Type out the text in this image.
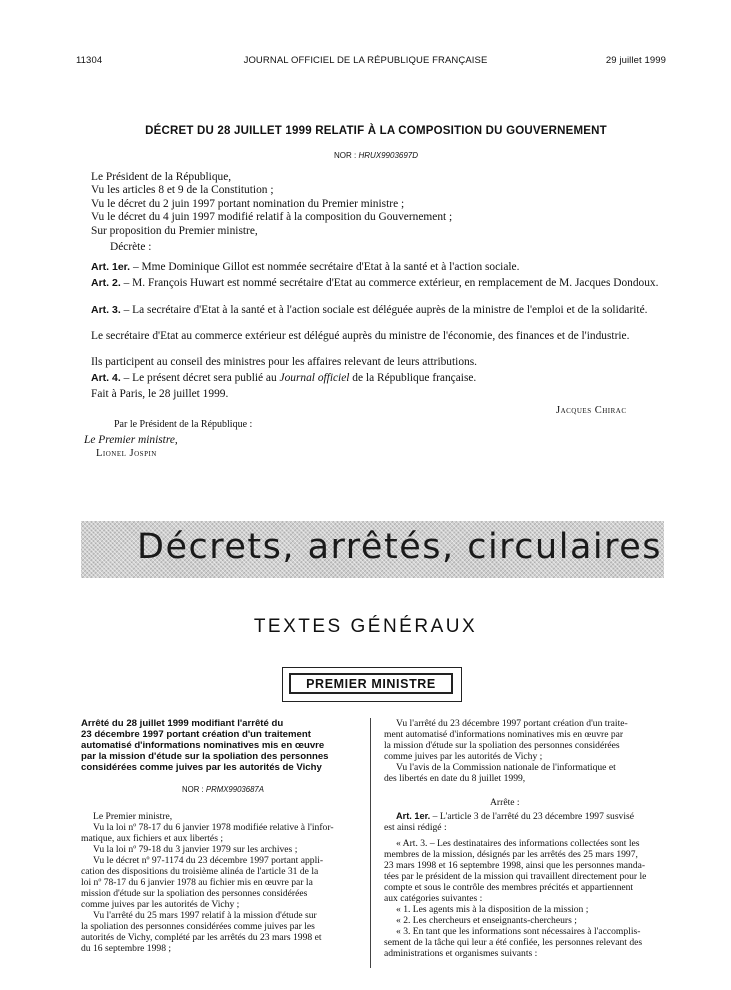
11304	JOURNAL OFFICIEL DE LA RÉPUBLIQUE FRANÇAISE	29 juillet 1999
DÉCRET DU 28 JUILLET 1999 RELATIF À LA COMPOSITION DU GOUVERNEMENT
NOR : HRUX9903697D
Le Président de la République,
Vu les articles 8 et 9 de la Constitution ;
Vu le décret du 2 juin 1997 portant nomination du Premier ministre ;
Vu le décret du 4 juin 1997 modifié relatif à la composition du Gouvernement ;
Sur proposition du Premier ministre,
Décrète :
Art. 1er. – Mme Dominique Gillot est nommée secrétaire d'Etat à la santé et à l'action sociale.
Art. 2. – M. François Huwart est nommé secrétaire d'Etat au commerce extérieur, en remplacement de M. Jacques Dondoux.
Art. 3. – La secrétaire d'Etat à la santé et à l'action sociale est déléguée auprès de la ministre de l'emploi et de la solidarité.
Le secrétaire d'Etat au commerce extérieur est délégué auprès du ministre de l'économie, des finances et de l'industrie.
Ils participent au conseil des ministres pour les affaires relevant de leurs attributions.
Art. 4. – Le présent décret sera publié au Journal officiel de la République française.
Fait à Paris, le 28 juillet 1999.
Jacques Chirac
Par le Président de la République :
Le Premier ministre,
Lionel Jospin
Décrets, arrêtés, circulaires
TEXTES GÉNÉRAUX
PREMIER MINISTRE
Arrêté du 28 juillet 1999 modifiant l'arrêté du
23 décembre 1997 portant création d'un traitement
automatisé d'informations nominatives mis en œuvre
par la mission d'étude sur la spoliation des personnes
considérées comme juives par les autorités de Vichy
NOR : PRMX9903687A
Le Premier ministre,
Vu la loi nº 78-17 du 6 janvier 1978 modifiée relative à l'infor-
matique, aux fichiers et aux libertés ;
Vu la loi nº 79-18 du 3 janvier 1979 sur les archives ;
Vu le décret nº 97-1174 du 23 décembre 1997 portant appli-
cation des dispositions du troisième alinéa de l'article 31 de la
loi nº 78-17 du 6 janvier 1978 au fichier mis en œuvre par la
mission d'étude sur la spoliation des personnes considérées
comme juives par les autorités de Vichy ;
Vu l'arrêté du 25 mars 1997 relatif à la mission d'étude sur
la spoliation des personnes considérées comme juives par les
autorités de Vichy, complété par les arrêtés du 23 mars 1998 et
du 16 septembre 1998 ;
Vu l'arrêté du 23 décembre 1997 portant création d'un traite-
ment automatisé d'informations nominatives mis en œuvre par
la mission d'étude sur la spoliation des personnes considérées
comme juives par les autorités de Vichy ;
Vu l'avis de la Commission nationale de l'informatique et
des libertés en date du 8 juillet 1999,
Arrête :
Art. 1er. – L'article 3 de l'arrêté du 23 décembre 1997 susvisé
est ainsi rédigé :
« Art. 3. – Les destinataires des informations collectées sont les
membres de la mission, désignés par les arrêtés des 25 mars 1997,
23 mars 1998 et 16 septembre 1998, ainsi que les personnes manda-
tées par le président de la mission qui travaillent directement pour le
compte et sous le contrôle des membres précités et appartiennent
aux catégories suivantes :
« 1. Les agents mis à la disposition de la mission ;
« 2. Les chercheurs et enseignants-chercheurs ;
« 3. En tant que les informations sont nécessaires à l'accomplis-
sement de la tâche qui leur a été confiée, les personnes relevant des
administrations et organismes suivants :
